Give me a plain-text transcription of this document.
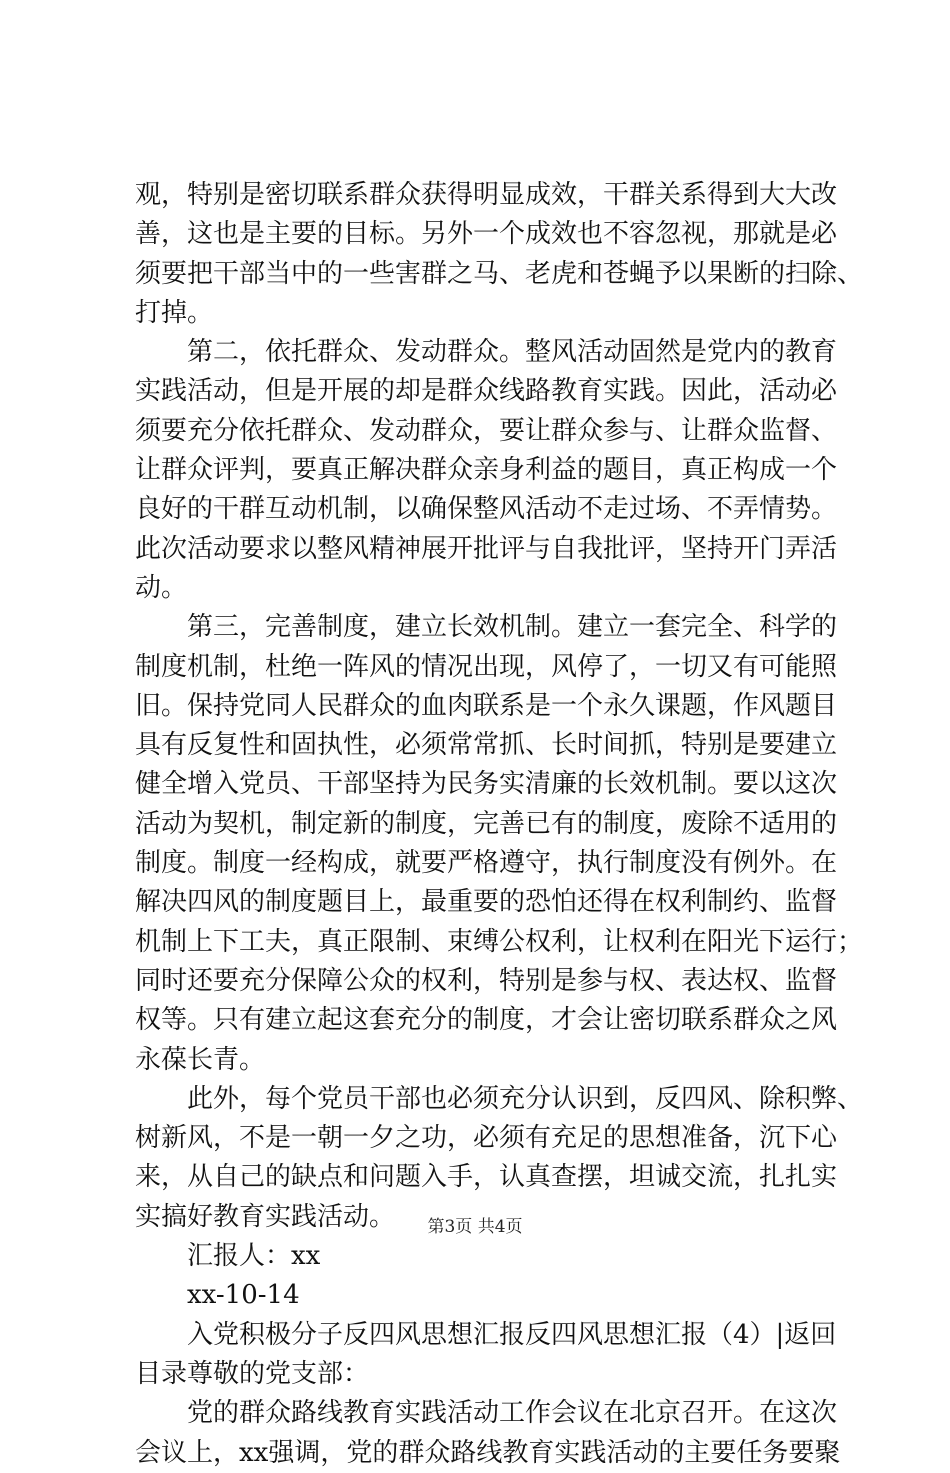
观，特别是密切联系群众获得明显成效，干群关系得到大大改
善，这也是主要的目标。另外一个成效也不容忽视，那就是必
须要把干部当中的一些害群之马、老虎和苍蝇予以果断的扫除、
打掉。
第二，依托群众、发动群众。整风活动固然是党内的教育
实践活动，但是开展的却是群众线路教育实践。因此，活动必
须要充分依托群众、发动群众，要让群众参与、让群众监督、
让群众评判，要真正解决群众亲身利益的题目，真正构成一个
良好的干群互动机制，以确保整风活动不走过场、不弄情势。
此次活动要求以整风精神展开批评与自我批评，坚持开门弄活
动。
第三，完善制度，建立长效机制。建立一套完全、科学的
制度机制，杜绝一阵风的情况出现，风停了，一切又有可能照
旧。保持党同人民群众的血肉联系是一个永久课题，作风题目
具有反复性和固执性，必须常常抓、长时间抓，特别是要建立
健全增入党员、干部坚持为民务实清廉的长效机制。要以这次
活动为契机，制定新的制度，完善已有的制度，废除不适用的
制度。制度一经构成，就要严格遵守，执行制度没有例外。在
解决四风的制度题目上，最重要的恐怕还得在权利制约、监督
机制上下工夫，真正限制、束缚公权利，让权利在阳光下运行；
同时还要充分保障公众的权利，特别是参与权、表达权、监督
权等。只有建立起这套充分的制度，才会让密切联系群众之风
永葆长青。
此外，每个党员干部也必须充分认识到，反四风、除积弊、
树新风，不是一朝一夕之功，必须有充足的思想准备，沉下心
来，从自己的缺点和问题入手，认真查摆，坦诚交流，扎扎实
实搞好教育实践活动。
汇报人：xx
xx-10-14
入党积极分子反四风思想汇报反四风思想汇报（4）|返回
目录尊敬的党支部：
党的群众路线教育实践活动工作会议在北京召开。在这次
会议上，xx强调，党的群众路线教育实践活动的主要任务要聚
第3页 共4页
